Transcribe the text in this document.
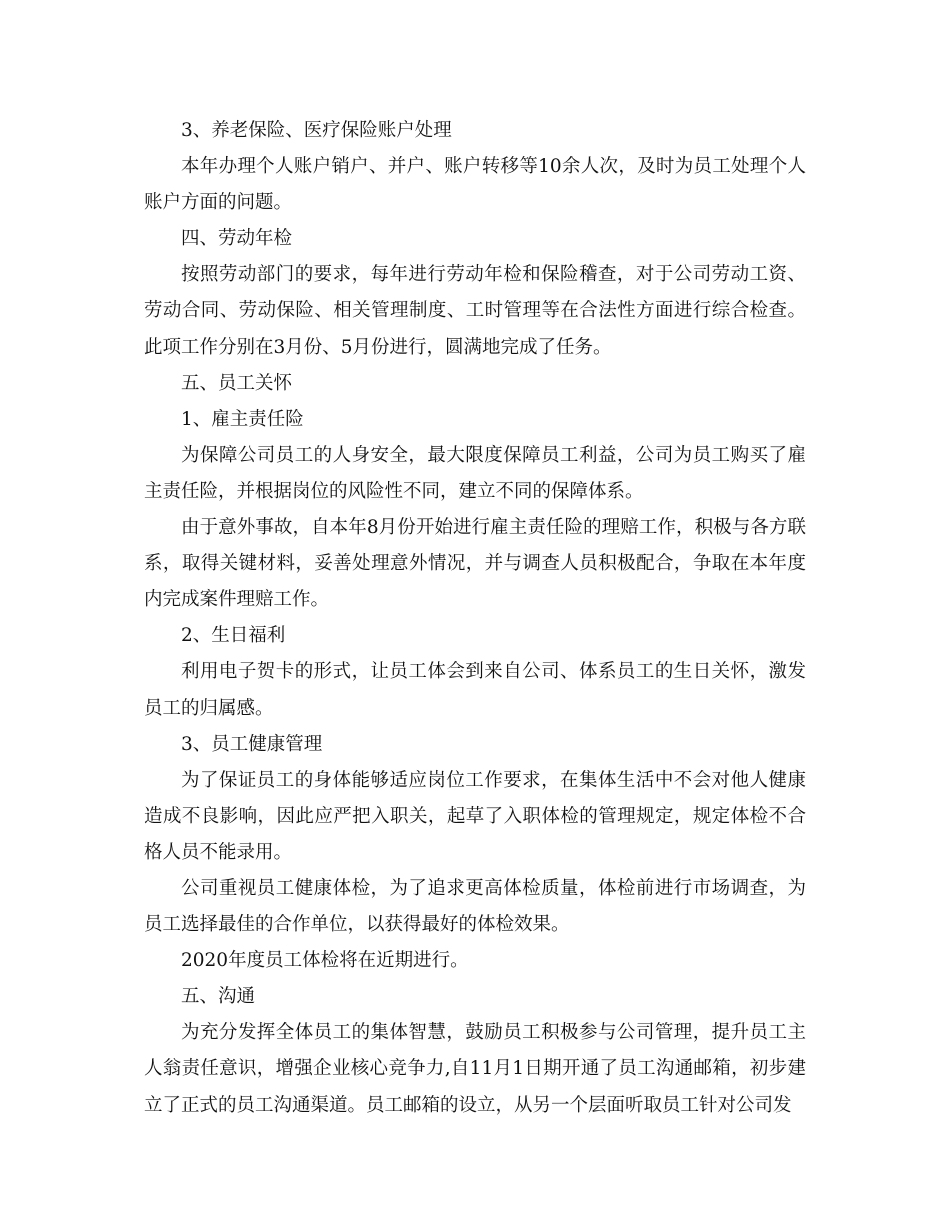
3、养老保险、医疗保险账户处理

本年办理个人账户销户、并户、账户转移等10余人次，及时为员工处理个人账户方面的问题。

四、劳动年检

按照劳动部门的要求，每年进行劳动年检和保险稽查，对于公司劳动工资、劳动合同、劳动保险、相关管理制度、工时管理等在合法性方面进行综合检查。此项工作分别在3月份、5月份进行，圆满地完成了任务。

五、员工关怀

1、雇主责任险

为保障公司员工的人身安全，最大限度保障员工利益，公司为员工购买了雇主责任险，并根据岗位的风险性不同，建立不同的保障体系。

由于意外事故，自本年8月份开始进行雇主责任险的理赔工作，积极与各方联系，取得关键材料，妥善处理意外情况，并与调查人员积极配合，争取在本年度内完成案件理赔工作。

2、生日福利

利用电子贺卡的形式，让员工体会到来自公司、体系员工的生日关怀，激发员工的归属感。

3、员工健康管理

为了保证员工的身体能够适应岗位工作要求，在集体生活中不会对他人健康造成不良影响，因此应严把入职关，起草了入职体检的管理规定，规定体检不合格人员不能录用。

公司重视员工健康体检，为了追求更高体检质量，体检前进行市场调查，为员工选择最佳的合作单位，以获得最好的体检效果。

2020年度员工体检将在近期进行。

五、沟通

为充分发挥全体员工的集体智慧，鼓励员工积极参与公司管理，提升员工主人翁责任意识，增强企业核心竞争力,自11月1日期开通了员工沟通邮箱，初步建立了正式的员工沟通渠道。员工邮箱的设立，从另一个层面听取员工针对公司发
